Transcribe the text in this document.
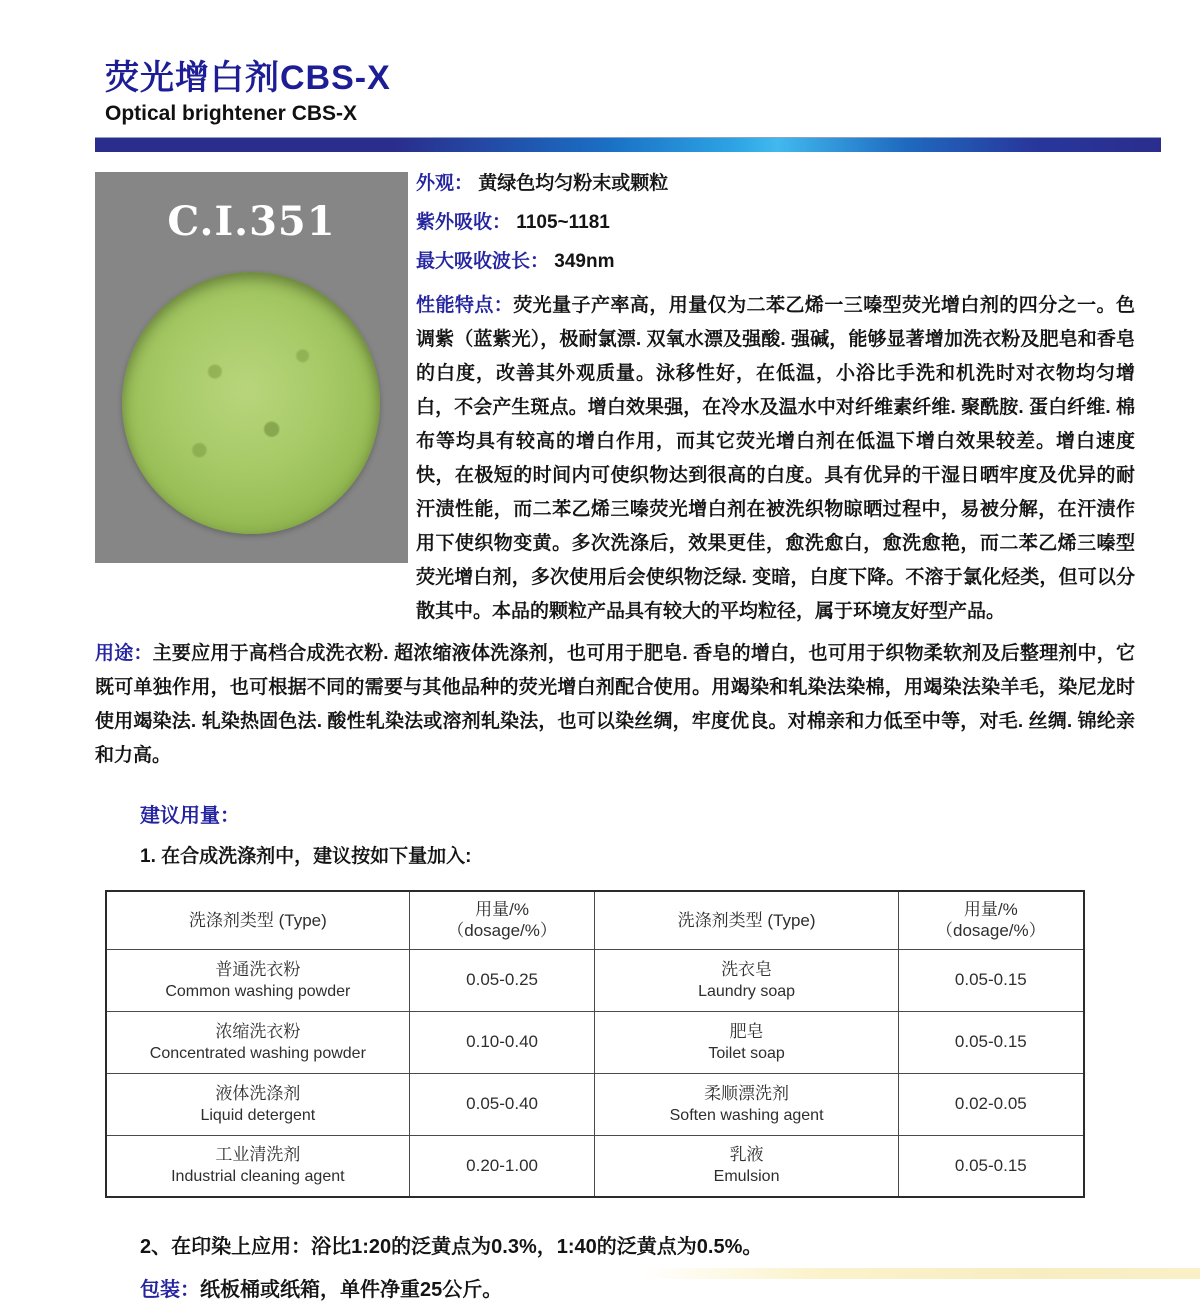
荧光增白剂CBS-X
Optical brightener CBS-X
C.I.351
外观： 黄绿色均匀粉末或颗粒
紫外吸收： 1105~1181
最大吸收波长： 349nm
性能特点：荧光量子产率高，用量仅为二苯乙烯一三嗪型荧光增白剂的四分之一。色调紫（蓝紫光），极耐氯漂. 双氧水漂及强酸. 强碱，能够显著增加洗衣粉及肥皂和香皂的白度，改善其外观质量。泳移性好，在低温，小浴比手洗和机洗时对衣物均匀增白，不会产生斑点。增白效果强，在冷水及温水中对纤维素纤维. 聚酰胺. 蛋白纤维. 棉布等均具有较高的增白作用，而其它荧光增白剂在低温下增白效果较差。增白速度快，在极短的时间内可使织物达到很高的白度。具有优异的干湿日晒牢度及优异的耐汗渍性能，而二苯乙烯三嗪荧光增白剂在被洗织物晾晒过程中，易被分解，在汗渍作用下使织物变黄。多次洗涤后，效果更佳，愈洗愈白，愈洗愈艳，而二苯乙烯三嗪型荧光增白剂，多次使用后会使织物泛绿. 变暗，白度下降。不溶于氯化烃类，但可以分散其中。本品的颗粒产品具有较大的平均粒径，属于环境友好型产品。
用途：主要应用于高档合成洗衣粉. 超浓缩液体洗涤剂，也可用于肥皂. 香皂的增白，也可用于织物柔软剂及后整理剂中，它既可单独作用，也可根据不同的需要与其他品种的荧光增白剂配合使用。用竭染和轧染法染棉，用竭染法染羊毛，染尼龙时使用竭染法. 轧染热固色法. 酸性轧染法或溶剂轧染法，也可以染丝绸，牢度优良。对棉亲和力低至中等，对毛. 丝绸. 锦纶亲和力高。
建议用量：
1. 在合成洗涤剂中，建议按如下量加入:
洗涤剂类型 (Type)	
用量/%
（dosage/%）
	洗涤剂类型 (Type)	
用量/%
（dosage/%）

普通洗衣粉
Common washing powder
	0.05-0.25	
洗衣皂
Laundry soap
	0.05-0.15

浓缩洗衣粉
Concentrated washing powder
	0.10-0.40	
肥皂
Toilet soap
	0.05-0.15

液体洗涤剂
Liquid detergent
	0.05-0.40	
柔顺漂洗剂
Soften washing agent
	0.02-0.05

工业清洗剂
Industrial cleaning agent
	0.20-1.00	
乳液
Emulsion
	0.05-0.15
2、在印染上应用：浴比1:20的泛黄点为0.3%，1:40的泛黄点为0.5%。
包装：纸板桶或纸箱，单件净重25公斤。
